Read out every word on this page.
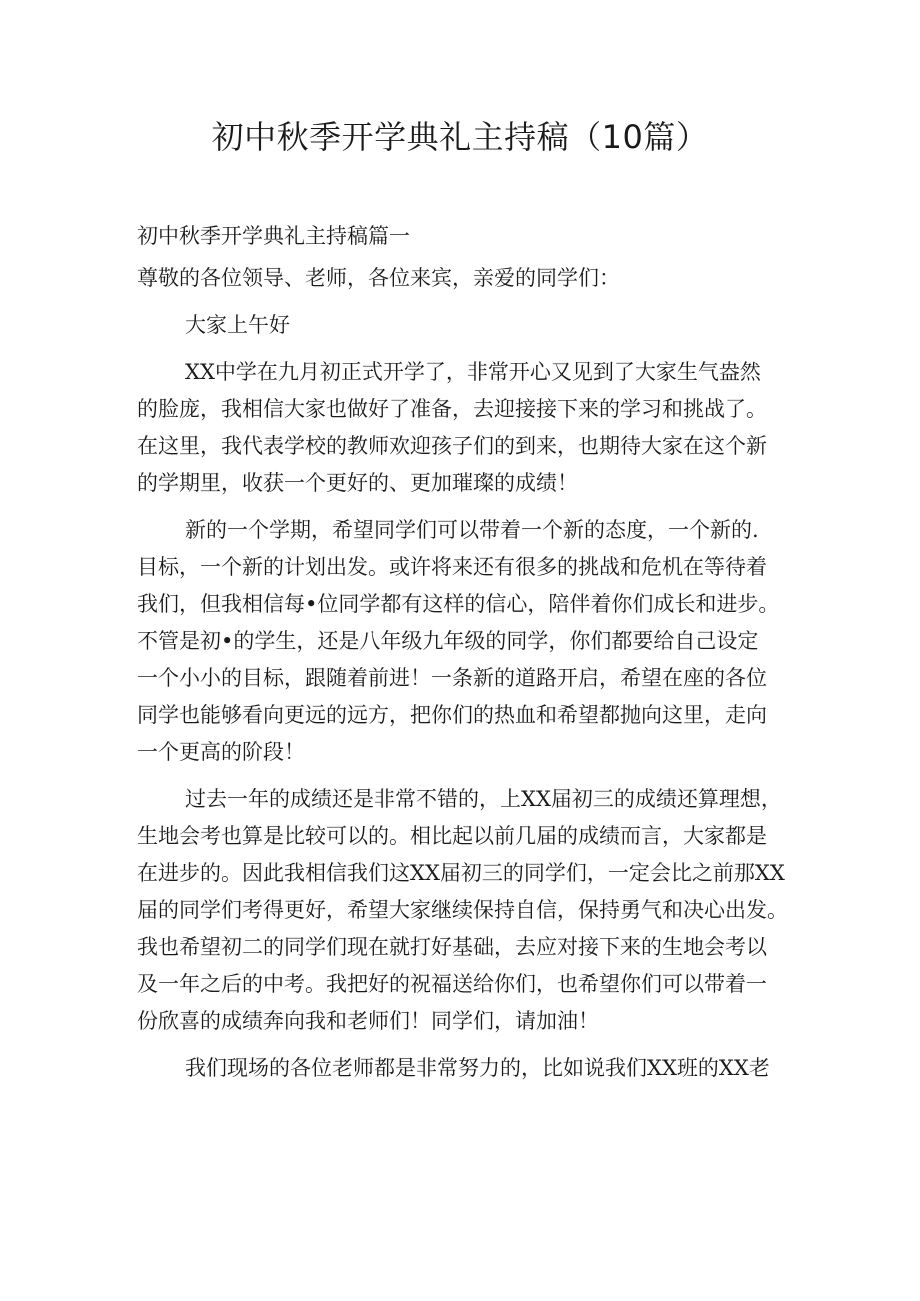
初中秋季开学典礼主持稿（10篇）

初中秋季开学典礼主持稿篇一

尊敬的各位领导、老师，各位来宾，亲爱的同学们：

大家上午好

XX中学在九月初正式开学了，非常开心又见到了大家生气盎然

的脸庞，我相信大家也做好了准备，去迎接接下来的学习和挑战了。

在这里，我代表学校的教师欢迎孩子们的到来，也期待大家在这个新

的学期里，收获一个更好的、更加璀璨的成绩！

新的一个学期，希望同学们可以带着一个新的态度，一个新的.

目标，一个新的计划出发。或许将来还有很多的挑战和危机在等待着

我们，但我相信每•位同学都有这样的信心，陪伴着你们成长和进步。

不管是初•的学生，还是八年级九年级的同学，你们都要给自己设定

一个小小的目标，跟随着前进！一条新的道路开启，希望在座的各位

同学也能够看向更远的远方，把你们的热血和希望都抛向这里，走向

一个更高的阶段！

过去一年的成绩还是非常不错的，上XX届初三的成绩还算理想，

生地会考也算是比较可以的。相比起以前几届的成绩而言，大家都是

在进步的。因此我相信我们这XX届初三的同学们，一定会比之前那XX

届的同学们考得更好，希望大家继续保持自信，保持勇气和决心出发。

我也希望初二的同学们现在就打好基础，去应对接下来的生地会考以

及一年之后的中考。我把好的祝福送给你们，也希望你们可以带着一

份欣喜的成绩奔向我和老师们！同学们，请加油！

我们现场的各位老师都是非常努力的，比如说我们XX班的XX老
